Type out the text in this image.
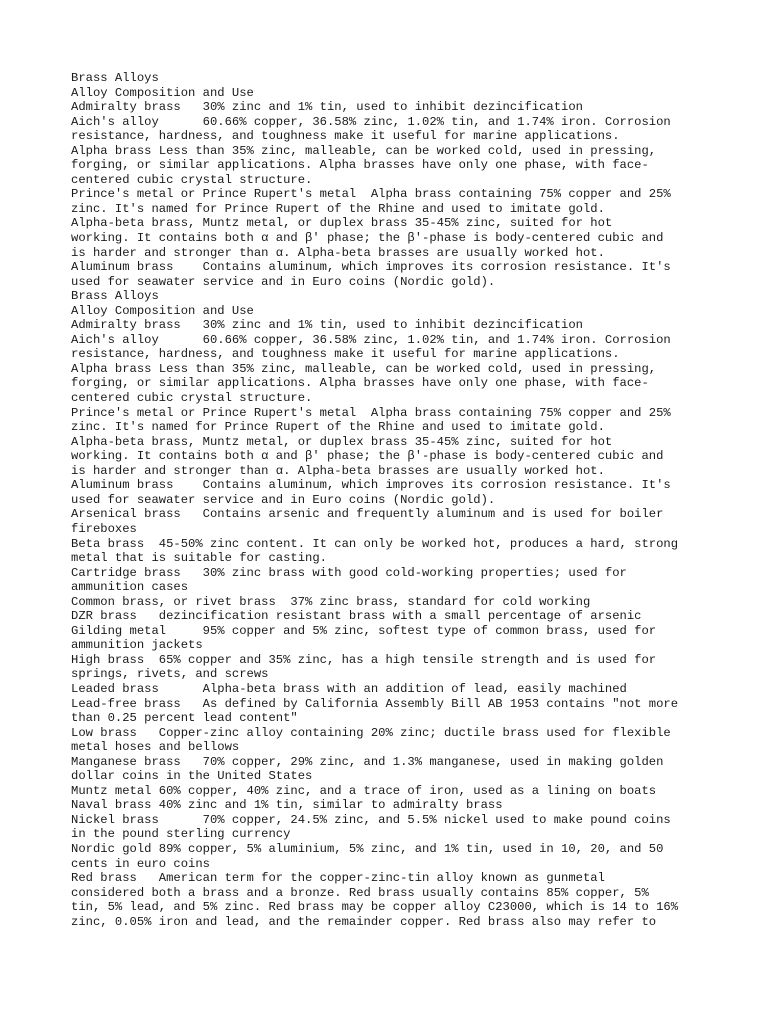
Brass Alloys
Alloy Composition and Use
Admiralty brass   30% zinc and 1% tin, used to inhibit dezincification
Aich's alloy      60.66% copper, 36.58% zinc, 1.02% tin, and 1.74% iron. Corrosion
resistance, hardness, and toughness make it useful for marine applications.
Alpha brass Less than 35% zinc, malleable, can be worked cold, used in pressing,
forging, or similar applications. Alpha brasses have only one phase, with face-
centered cubic crystal structure.
Prince's metal or Prince Rupert's metal  Alpha brass containing 75% copper and 25%
zinc. It's named for Prince Rupert of the Rhine and used to imitate gold.
Alpha-beta brass, Muntz metal, or duplex brass 35-45% zinc, suited for hot
working. It contains both α and β' phase; the β'-phase is body-centered cubic and
is harder and stronger than α. Alpha-beta brasses are usually worked hot.
Aluminum brass    Contains aluminum, which improves its corrosion resistance. It's
used for seawater service and in Euro coins (Nordic gold).
Brass Alloys
Alloy Composition and Use
Admiralty brass   30% zinc and 1% tin, used to inhibit dezincification
Aich's alloy      60.66% copper, 36.58% zinc, 1.02% tin, and 1.74% iron. Corrosion
resistance, hardness, and toughness make it useful for marine applications.
Alpha brass Less than 35% zinc, malleable, can be worked cold, used in pressing,
forging, or similar applications. Alpha brasses have only one phase, with face-
centered cubic crystal structure.
Prince's metal or Prince Rupert's metal  Alpha brass containing 75% copper and 25%
zinc. It's named for Prince Rupert of the Rhine and used to imitate gold.
Alpha-beta brass, Muntz metal, or duplex brass 35-45% zinc, suited for hot
working. It contains both α and β' phase; the β'-phase is body-centered cubic and
is harder and stronger than α. Alpha-beta brasses are usually worked hot.
Aluminum brass    Contains aluminum, which improves its corrosion resistance. It's
used for seawater service and in Euro coins (Nordic gold).
Arsenical brass   Contains arsenic and frequently aluminum and is used for boiler
fireboxes
Beta brass  45-50% zinc content. It can only be worked hot, produces a hard, strong
metal that is suitable for casting.
Cartridge brass   30% zinc brass with good cold-working properties; used for
ammunition cases
Common brass, or rivet brass  37% zinc brass, standard for cold working
DZR brass   dezincification resistant brass with a small percentage of arsenic
Gilding metal     95% copper and 5% zinc, softest type of common brass, used for
ammunition jackets
High brass  65% copper and 35% zinc, has a high tensile strength and is used for
springs, rivets, and screws
Leaded brass      Alpha-beta brass with an addition of lead, easily machined
Lead-free brass   As defined by California Assembly Bill AB 1953 contains "not more
than 0.25 percent lead content"
Low brass   Copper-zinc alloy containing 20% zinc; ductile brass used for flexible
metal hoses and bellows
Manganese brass   70% copper, 29% zinc, and 1.3% manganese, used in making golden
dollar coins in the United States
Muntz metal 60% copper, 40% zinc, and a trace of iron, used as a lining on boats
Naval brass 40% zinc and 1% tin, similar to admiralty brass
Nickel brass      70% copper, 24.5% zinc, and 5.5% nickel used to make pound coins
in the pound sterling currency
Nordic gold 89% copper, 5% aluminium, 5% zinc, and 1% tin, used in 10, 20, and 50
cents in euro coins
Red brass   American term for the copper-zinc-tin alloy known as gunmetal
considered both a brass and a bronze. Red brass usually contains 85% copper, 5%
tin, 5% lead, and 5% zinc. Red brass may be copper alloy C23000, which is 14 to 16%
zinc, 0.05% iron and lead, and the remainder copper. Red brass also may refer to
